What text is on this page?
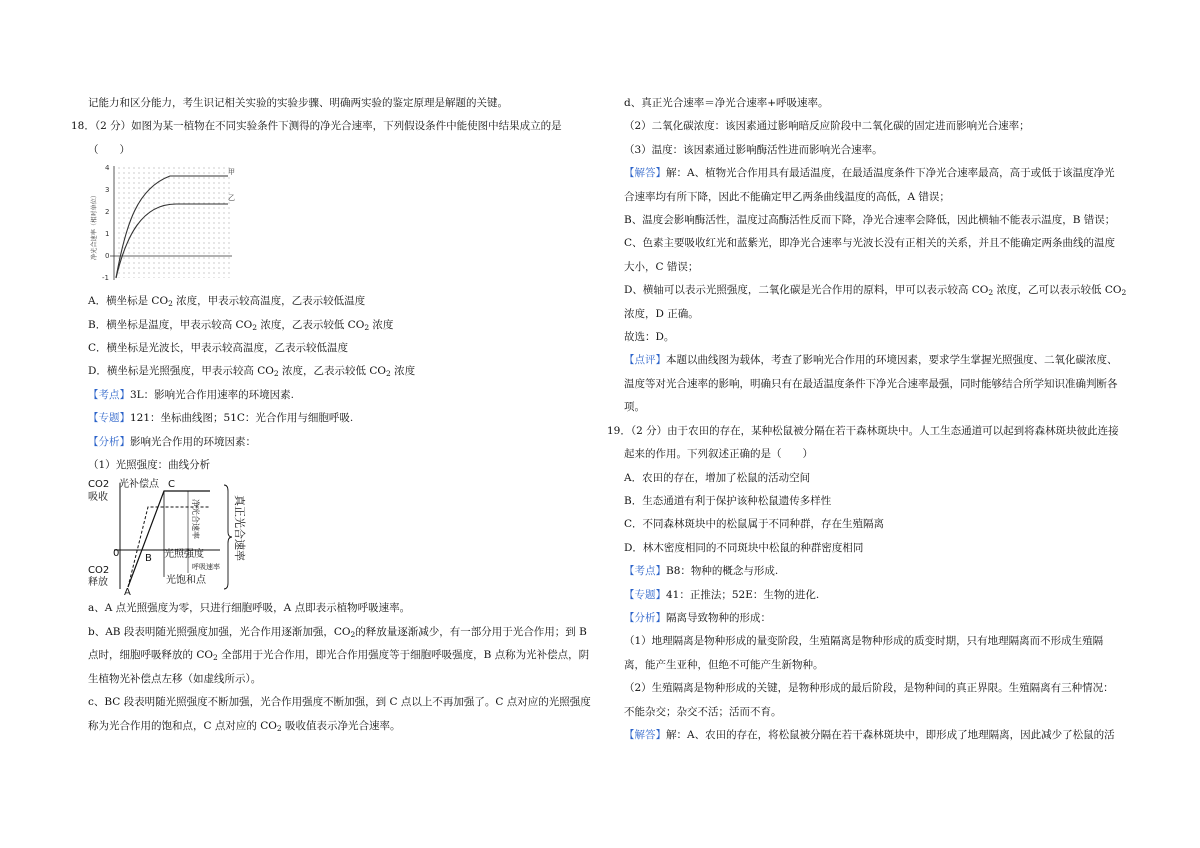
记能力和区分能力，考生识记相关实验的实验步骤、明确两实验的鉴定原理是解题的关键。

18．（2 分）如图为某一植物在不同实验条件下测得的净光合速率，下列假设条件中能使图中结果成立的是

（　　）

4
3
2
1
0
-1
净光合速率（相对单位）
甲
乙

A．横坐标是 $CO_2$ 浓度，甲表示较高温度，乙表示较低温度

B．横坐标是温度，甲表示较高 $CO_2$ 浓度，乙表示较低 $CO_2$ 浓度

C．横坐标是光波长，甲表示较高温度，乙表示较低温度

D．横坐标是光照强度，甲表示较高 $CO_2$ 浓度，乙表示较低 $CO_2$ 浓度

【考点】3L：影响光合作用速率的环境因素.

【专题】121：坐标曲线图；51C：光合作用与细胞呼吸.

【分析】影响光合作用的环境因素：

（1）光照强度：曲线分析

CO2
吸收
光补偿点 C
0	B 光照强度
CO2
释放
A
光饱和点
净光合速率
呼吸速率
真正光合速率

a、A 点光照强度为零，只进行细胞呼吸，A 点即表示植物呼吸速率。

b、AB 段表明随光照强度加强，光合作用逐渐加强，$CO_2$的释放量逐渐减少，有一部分用于光合作用；到 B

点时，细胞呼吸释放的 $CO_2$ 全部用于光合作用，即光合作用强度等于细胞呼吸强度，B 点称为光补偿点，阴

生植物光补偿点左移（如虚线所示）。

c、BC 段表明随光照强度不断加强，光合作用强度不断加强，到 C 点以上不再加强了。C 点对应的光照强度

称为光合作用的饱和点，C 点对应的 $CO_2$ 吸收值表示净光合速率。

d、真正光合速率＝净光合速率+呼吸速率。

（2）二氧化碳浓度：该因素通过影响暗反应阶段中二氧化碳的固定进而影响光合速率；

（3）温度：该因素通过影响酶活性进而影响光合速率。

【解答】解：A、植物光合作用具有最适温度，在最适温度条件下净光合速率最高，高于或低于该温度净光

合速率均有所下降，因此不能确定甲乙两条曲线温度的高低，A 错误；

B、温度会影响酶活性，温度过高酶活性反而下降，净光合速率会降低，因此横轴不能表示温度，B 错误；

C、色素主要吸收红光和蓝紫光，即净光合速率与光波长没有正相关的关系，并且不能确定两条曲线的温度

大小，C 错误；

D、横轴可以表示光照强度，二氧化碳是光合作用的原料，甲可以表示较高 $CO_2$ 浓度，乙可以表示较低 $CO_2$

浓度，D 正确。

故选：D。

【点评】本题以曲线图为载体，考查了影响光合作用的环境因素，要求学生掌握光照强度、二氧化碳浓度、

温度等对光合速率的影响，明确只有在最适温度条件下净光合速率最强，同时能够结合所学知识准确判断各

项。

19．（2 分）由于农田的存在，某种松鼠被分隔在若干森林斑块中。人工生态通道可以起到将森林斑块彼此连接

起来的作用。下列叙述正确的是（　　）

A．农田的存在，增加了松鼠的活动空间

B．生态通道有利于保护该种松鼠遗传多样性

C．不同森林斑块中的松鼠属于不同种群，存在生殖隔离

D．林木密度相同的不同斑块中松鼠的种群密度相同

【考点】B8：物种的概念与形成.

【专题】41：正推法；52E：生物的进化.

【分析】隔离导致物种的形成：

（1）地理隔离是物种形成的量变阶段，生殖隔离是物种形成的质变时期，只有地理隔离而不形成生殖隔

离，能产生亚种，但绝不可能产生新物种。

（2）生殖隔离是物种形成的关键，是物种形成的最后阶段，是物种间的真正界限。生殖隔离有三种情况：

不能杂交；杂交不活；活而不育。

【解答】解：A、农田的存在，将松鼠被分隔在若干森林斑块中，即形成了地理隔离，因此减少了松鼠的活
